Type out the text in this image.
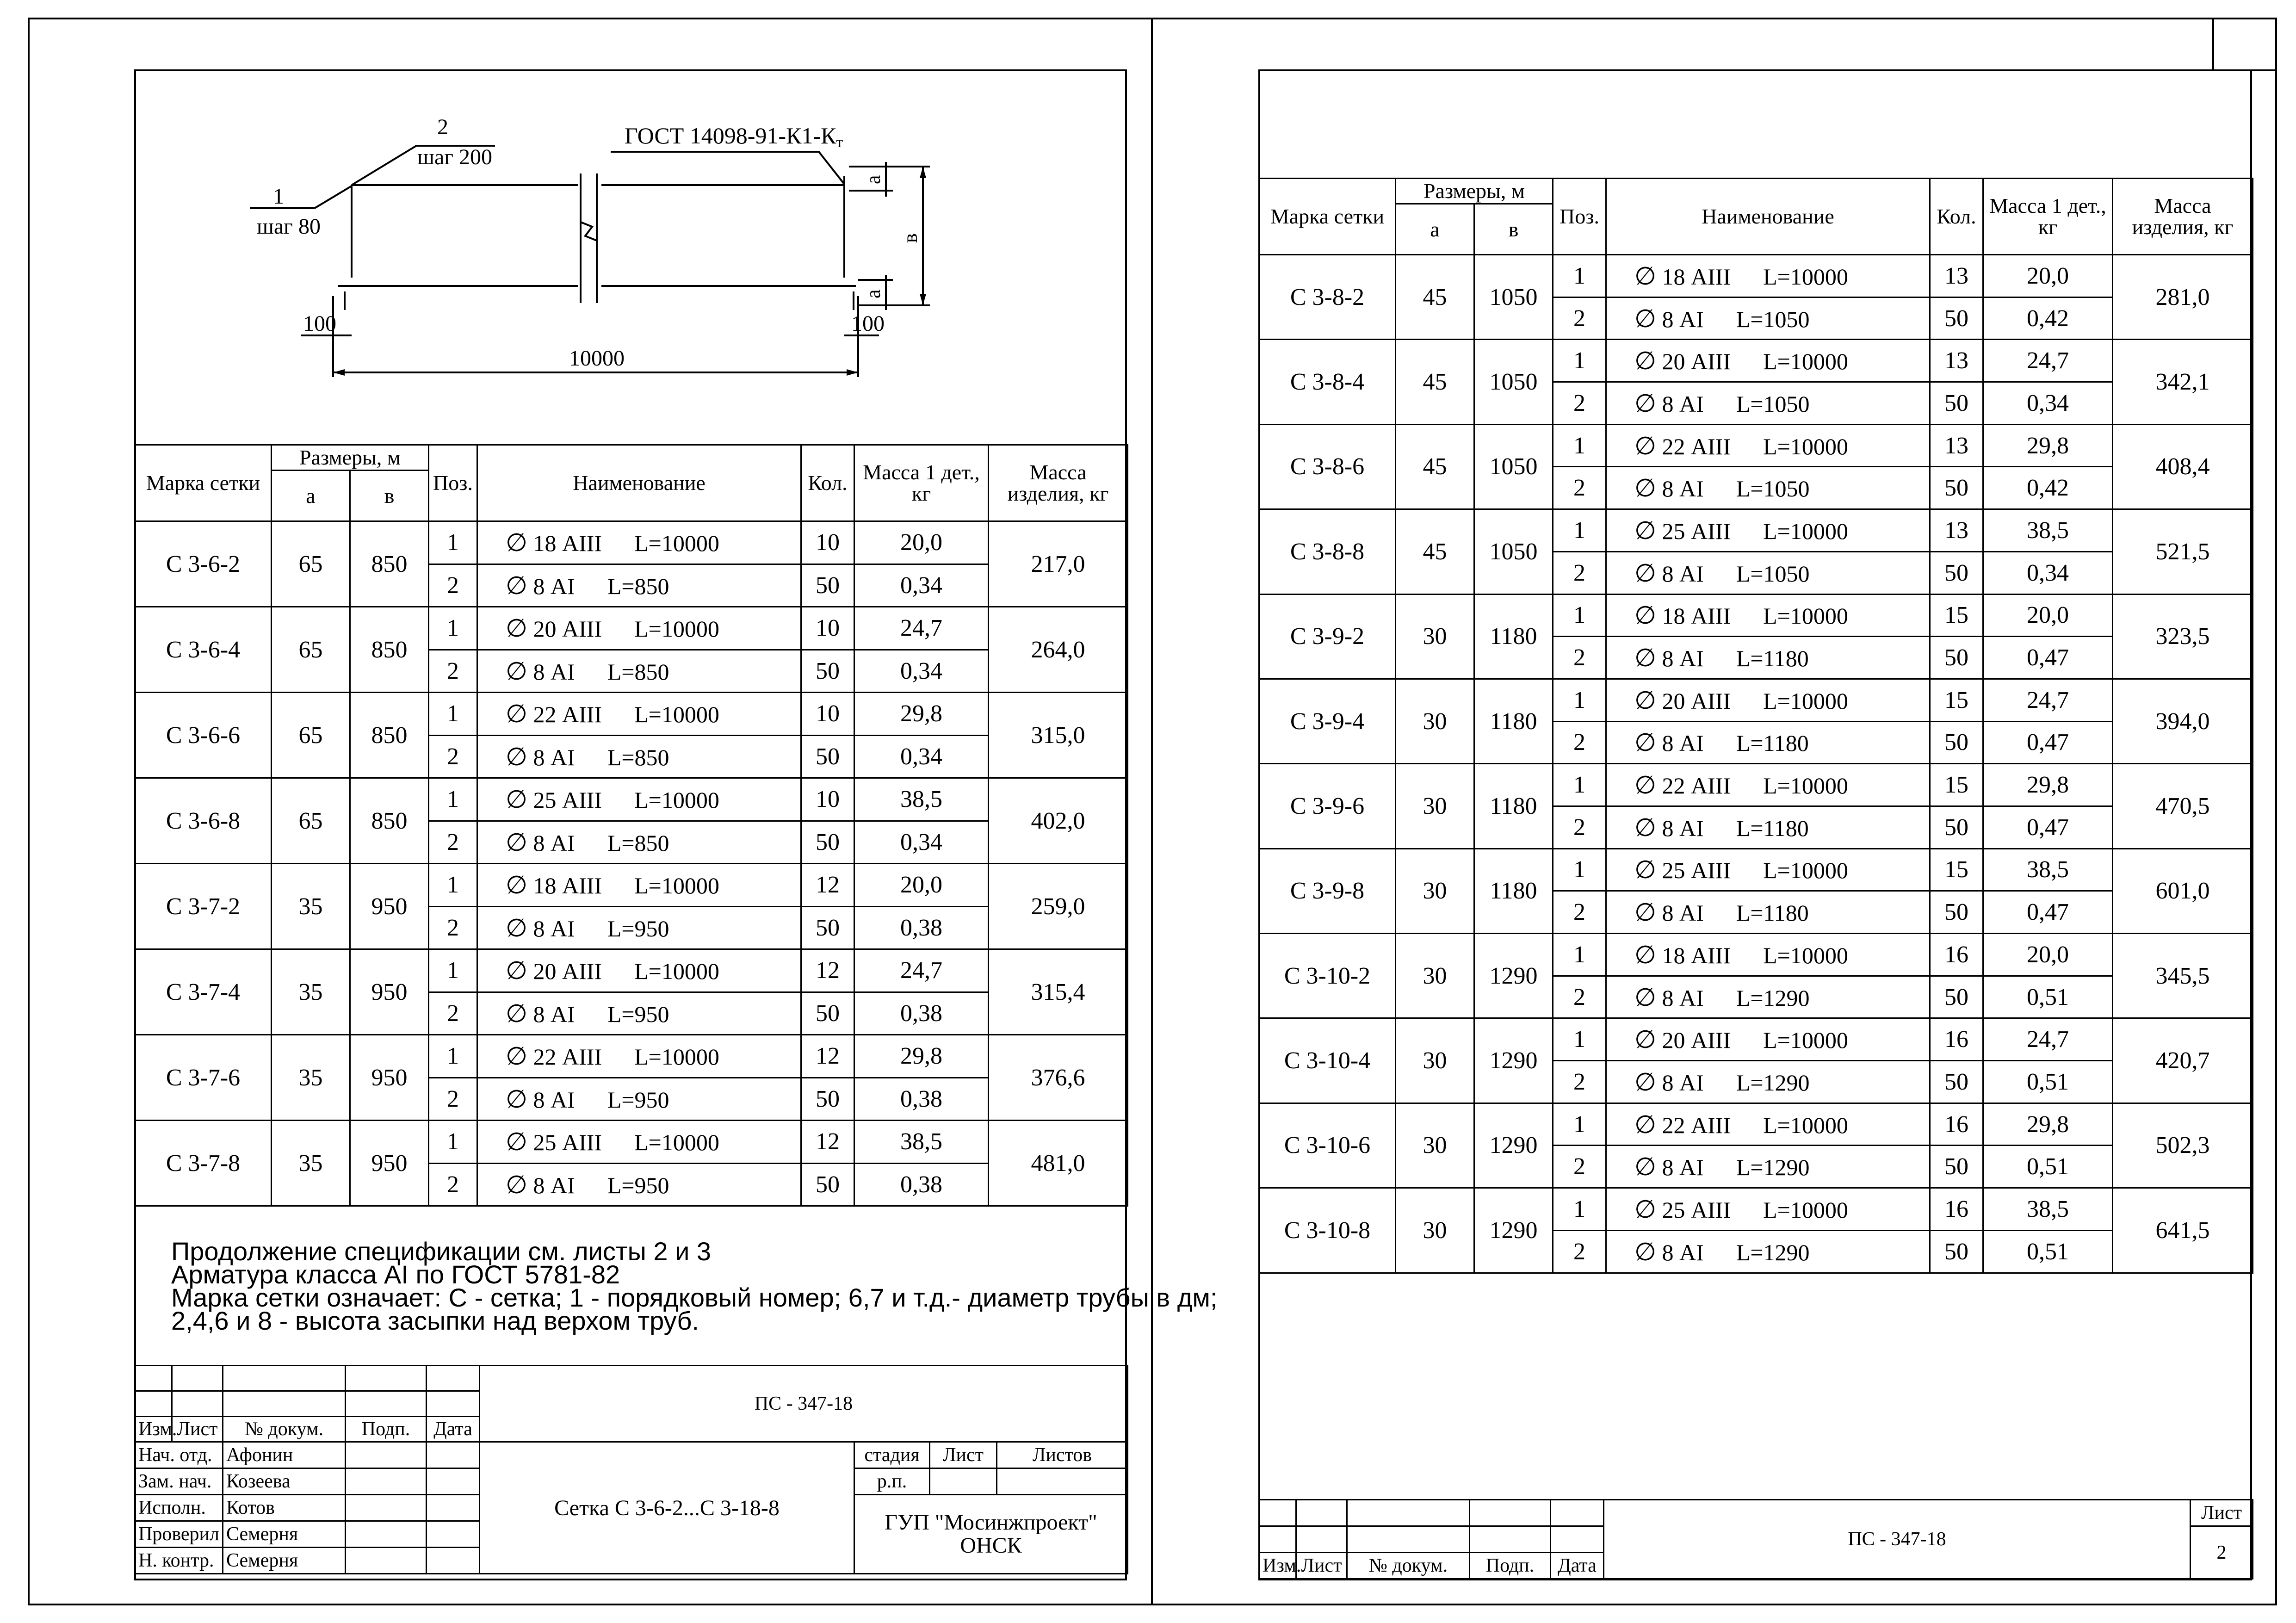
1
шаг 80
2
шаг 200
ГОСТ 14098-91-К1-Кт
100	100
10000
а
а
в
Марка сетки	Размеры, м		Поз.	Наименование	Кол.	Масса 1 дет., кг	Масса изделия, кг
	а	в					
С 3-6-2	65	850	1	∅ 18 АIII L=10000	10	20,0	217,0
			2	∅ 8 АI L=850	50	0,34	
С 3-6-4	65	850	1	∅ 20 АIII L=10000	10	24,7	264,0
			2	∅ 8 АI L=850	50	0,34	
С 3-6-6	65	850	1	∅ 22 АIII L=10000	10	29,8	315,0
			2	∅ 8 АI L=850	50	0,34	
С 3-6-8	65	850	1	∅ 25 АIII L=10000	10	38,5	402,0
			2	∅ 8 АI L=850	50	0,34	
С 3-7-2	35	950	1	∅ 18 АIII L=10000	12	20,0	259,0
			2	∅ 8 АI L=950	50	0,38	
С 3-7-4	35	950	1	∅ 20 АIII L=10000	12	24,7	315,4
			2	∅ 8 АI L=950	50	0,38	
С 3-7-6	35	950	1	∅ 22 АIII L=10000	12	29,8	376,6
			2	∅ 8 АI L=950	50	0,38	
С 3-7-8	35	950	1	∅ 25 АIII L=10000	12	38,5	481,0
			2	∅ 8 АI L=950	50	0,38	
Продолжение спецификации см. листы 2 и 3
Арматура класса АI по ГОСТ 5781-82
Марка сетки означает: С - сетка; 1 - порядковый номер; 6,7 и т.д.- диаметр трубы в дм;
2,4,6 и 8 - высота засыпки над верхом труб.
					ПС - 347-18			

Изм.	Лист	№ докум.	Подп.	Дата				
Нач. отд.		Афонин			Сетка С 3-6-2...С 3-18-8	стадия	Лист	Листов
Зам. нач.		Козеева				р.п.		
Исполн.		Котов				ГУП "Мосинжпроект"
ОНСК		

Проверил		Семерня						
Н. контр.		Семерня						
Марка сетки	Размеры, м		Поз.	Наименование	Кол.	Масса 1 дет., кг	Масса изделия, кг
	а	в					
С 3-8-2	45	1050	1	∅ 18 АIII L=10000	13	20,0	281,0
			2	∅ 8 АI L=1050	50	0,42	
С 3-8-4	45	1050	1	∅ 20 АIII L=10000	13	24,7	342,1
			2	∅ 8 АI L=1050	50	0,34	
С 3-8-6	45	1050	1	∅ 22 АIII L=10000	13	29,8	408,4
			2	∅ 8 АI L=1050	50	0,42	
С 3-8-8	45	1050	1	∅ 25 АIII L=10000	13	38,5	521,5
			2	∅ 8 АI L=1050	50	0,34	
С 3-9-2	30	1180	1	∅ 18 АIII L=10000	15	20,0	323,5
			2	∅ 8 АI L=1180	50	0,47	
С 3-9-4	30	1180	1	∅ 20 АIII L=10000	15	24,7	394,0
			2	∅ 8 АI L=1180	50	0,47	
С 3-9-6	30	1180	1	∅ 22 АIII L=10000	15	29,8	470,5
			2	∅ 8 АI L=1180	50	0,47	
С 3-9-8	30	1180	1	∅ 25 АIII L=10000	15	38,5	601,0
			2	∅ 8 АI L=1180	50	0,47	
С 3-10-2	30	1290	1	∅ 18 АIII L=10000	16	20,0	345,5
			2	∅ 8 АI L=1290	50	0,51	
С 3-10-4	30	1290	1	∅ 20 АIII L=10000	16	24,7	420,7
			2	∅ 8 АI L=1290	50	0,51	
С 3-10-6	30	1290	1	∅ 22 АIII L=10000	16	29,8	502,3
			2	∅ 8 АI L=1290	50	0,51	
С 3-10-8	30	1290	1	∅ 25 АIII L=10000	16	38,5	641,5
			2	∅ 8 АI L=1290	50	0,51	
					ПС - 347-18	Лист
						2
Изм.	Лист	№ докум.	Подп.	Дата		
